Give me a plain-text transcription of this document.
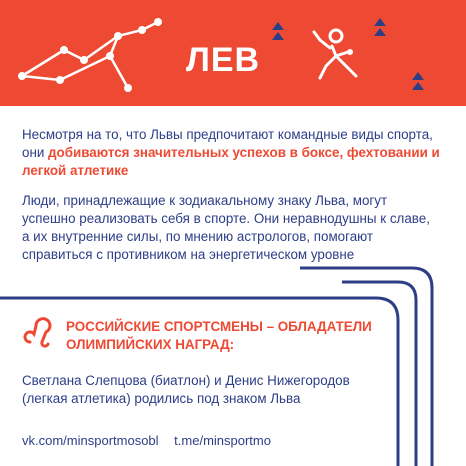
ЛЕВ

Несмотря на то, что Львы предпочитают командные виды спорта, они добиваются значительных успехов в боксе, фехтовании и легкой атлетике

Люди, принадлежащие к зодиакальному знаку Льва, могут успешно реализовать себя в спорте. Они неравнодушны к славе, а их внутренние силы, по мнению астрологов, помогают справиться с противником на энергетическом уровне

РОССИЙСКИЕ СПОРТСМЕНЫ – ОБЛАДАТЕЛИ ОЛИМПИЙСКИХ НАГРАД:

Светлана Слепцова (биатлон) и Денис Нижегородов (легкая атлетика) родились под знаком Льва

vk.com/minsportmosobl t.me/minsportmo
